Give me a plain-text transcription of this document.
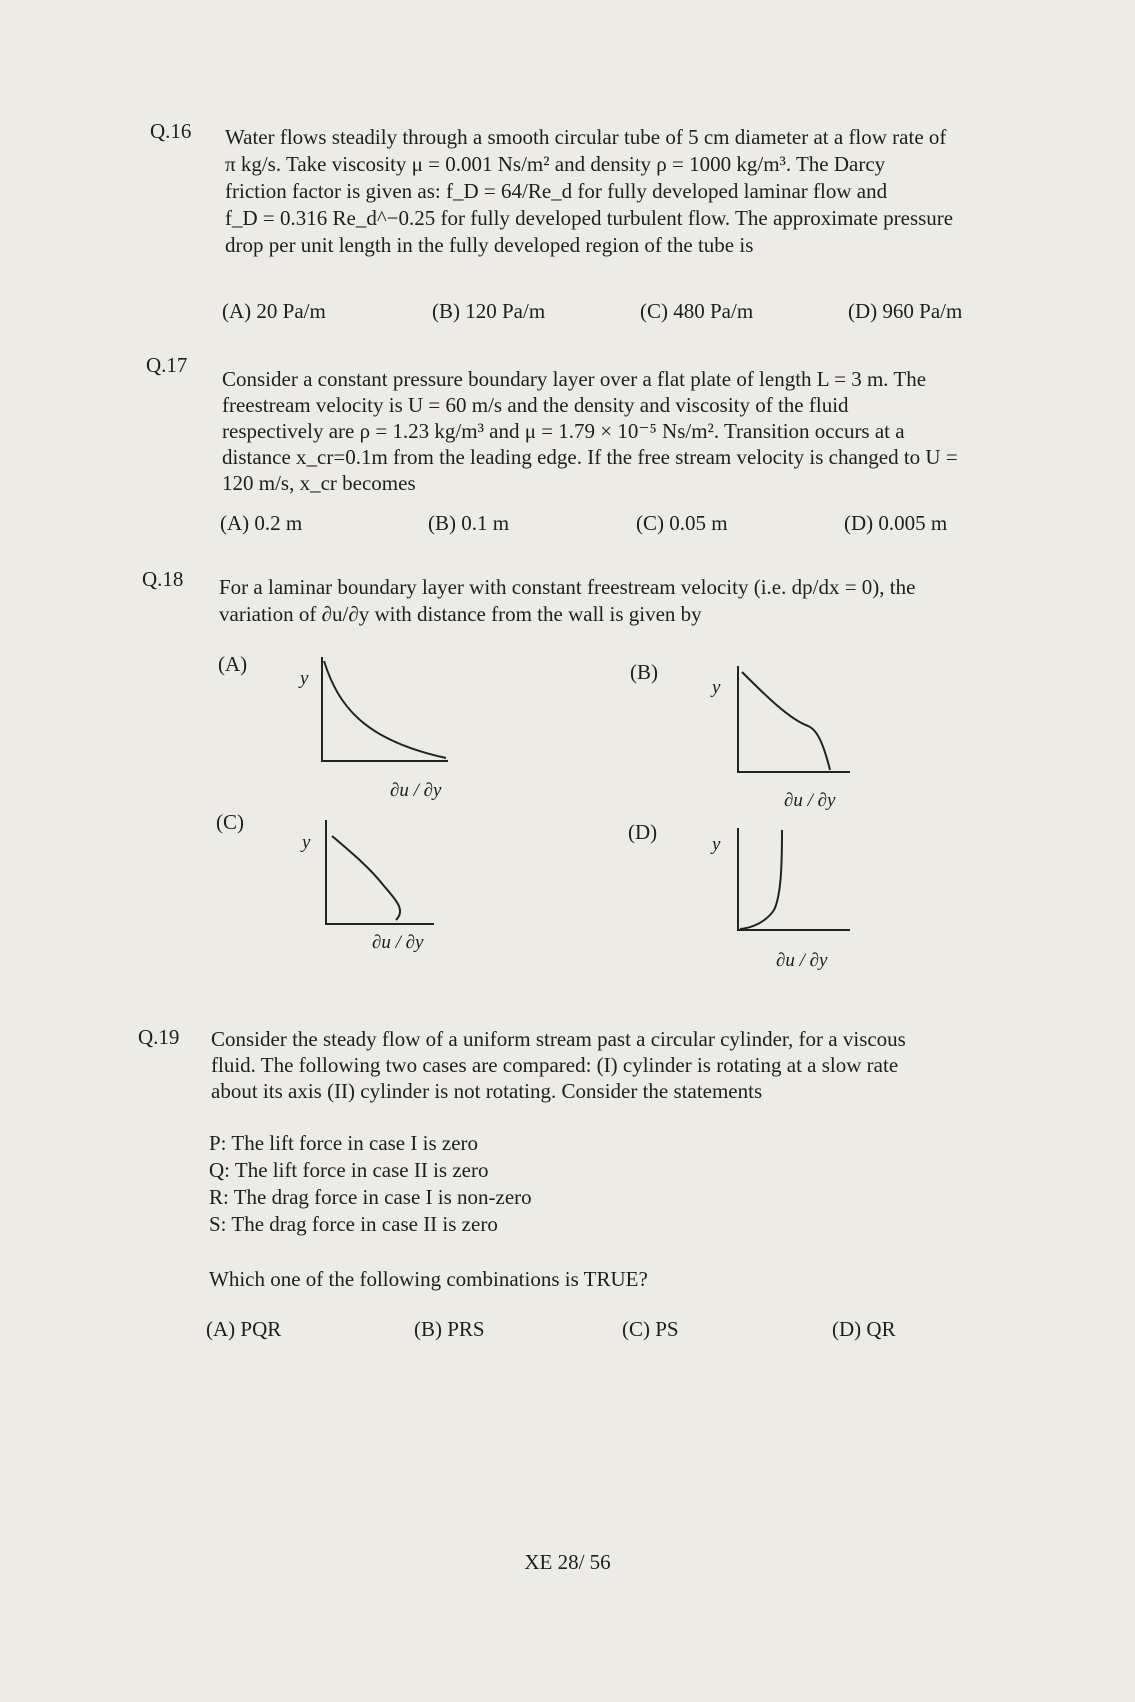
Q.16 Water flows steadily through a smooth circular tube of 5 cm diameter at a flow rate of
π kg/s. Take viscosity μ = 0.001 Ns/m² and density ρ = 1000 kg/m³. The Darcy
friction factor is given as: f_D = 64/Re_d for fully developed laminar flow and
f_D = 0.316 Re_d^−0.25 for fully developed turbulent flow. The approximate pressure
drop per unit length in the fully developed region of the tube is
(A) 20 Pa/m	(B) 120 Pa/m	(C) 480 Pa/m	(D) 960 Pa/m
Q.17
Consider a constant pressure boundary layer over a flat plate of length L = 3 m. The
freestream velocity is U = 60 m/s and the density and viscosity of the fluid
respectively are ρ = 1.23 kg/m³ and μ = 1.79 × 10⁻⁵ Ns/m². Transition occurs at a
distance x_cr=0.1m from the leading edge. If the free stream velocity is changed to U =
120 m/s, x_cr becomes
(A) 0.2 m	(B) 0.1 m	(C) 0.05 m	(D) 0.005 m
Q.18 For a laminar boundary layer with constant freestream velocity (i.e. dp/dx = 0), the
variation of ∂u/∂y with distance from the wall is given by
(A)
y
∂u / ∂y
(B)
y
∂u / ∂y
(C)
y
∂u / ∂y
(D)
y
∂u / ∂y
Q.19 Consider the steady flow of a uniform stream past a circular cylinder, for a viscous
fluid. The following two cases are compared: (I) cylinder is rotating at a slow rate
about its axis (II) cylinder is not rotating. Consider the statements
P: The lift force in case I is zero
Q: The lift force in case II is zero
R: The drag force in case I is non-zero
S: The drag force in case II is zero
Which one of the following combinations is TRUE?
(A) PQR	(B) PRS	(C) PS	(D) QR
XE 28/ 56
